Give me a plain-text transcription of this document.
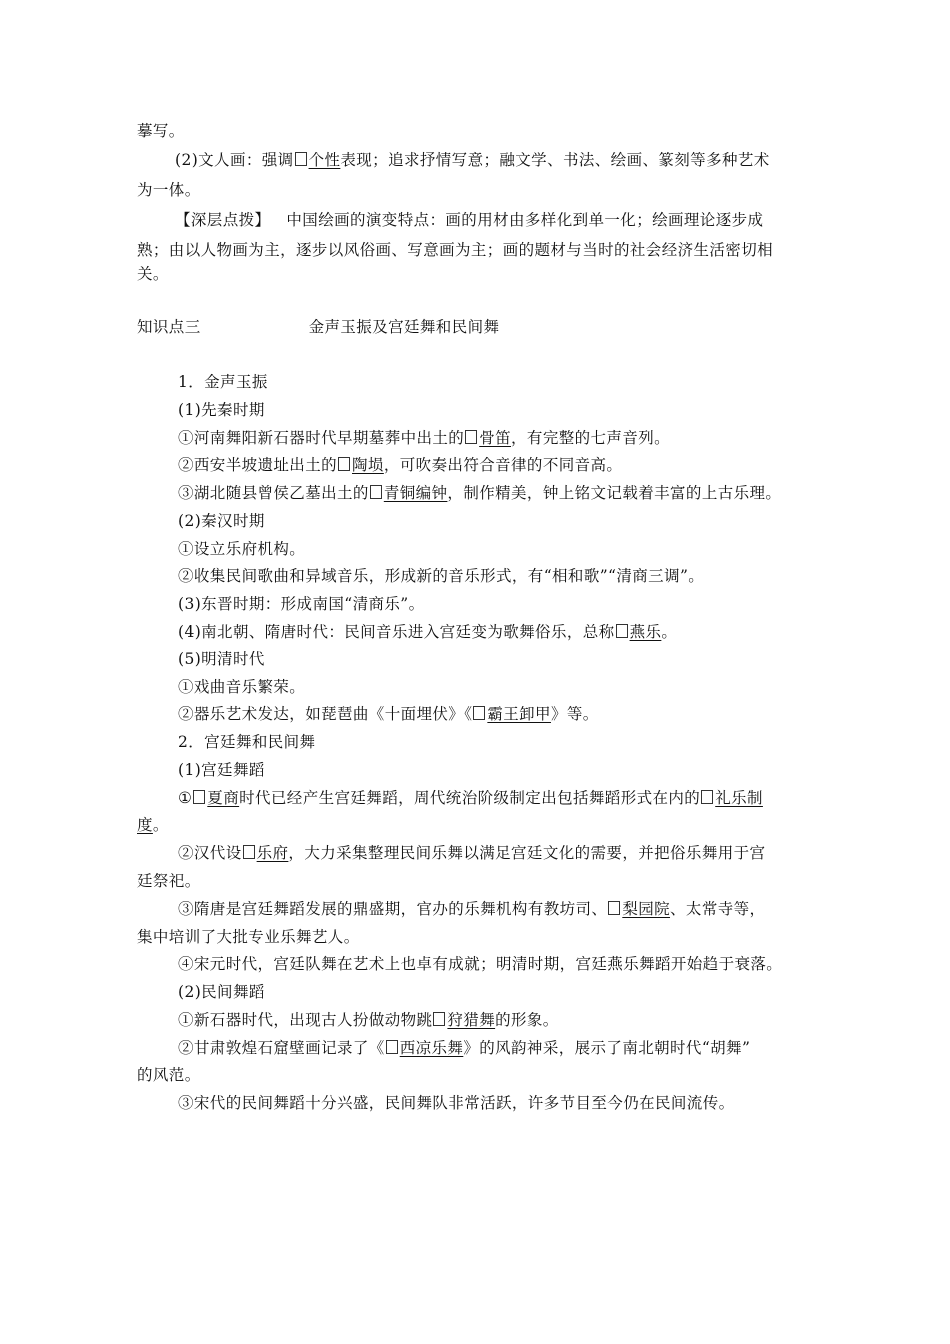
摹写。
(2)文人画：强调 个性表现；追求抒情写意；融文学、书法、绘画、篆刻等多种艺术
为一体。
【深层点拨】 中国绘画的演变特点：画的用材由多样化到单一化；绘画理论逐步成
熟；由以人物画为主，逐步以风俗画、写意画为主；画的题材与当时的社会经济生活密切相
关。
知识点三	金声玉振及宫廷舞和民间舞
1．金声玉振
(1)先秦时期
①河南舞阳新石器时代早期墓葬中出土的 骨笛，有完整的七声音列。
②西安半坡遗址出土的 陶埙，可吹奏出符合音律的不同音高。
③湖北随县曾侯乙墓出土的 青铜编钟，制作精美，钟上铭文记载着丰富的上古乐理。
(2)秦汉时期
①设立乐府机构。
②收集民间歌曲和异域音乐，形成新的音乐形式，有“相和歌”“清商三调”。
(3)东晋时期：形成南国“清商乐”。
(4)南北朝、隋唐时代：民间音乐进入宫廷变为歌舞俗乐，总称 燕乐。
(5)明清时代
①戏曲音乐繁荣。
②器乐艺术发达，如琵琶曲《十面埋伏》《 霸王卸甲》等。
2．宫廷舞和民间舞
(1)宫廷舞蹈
① 夏商时代已经产生宫廷舞蹈，周代统治阶级制定出包括舞蹈形式在内的 礼乐制
度。
②汉代设 乐府，大力采集整理民间乐舞以满足宫廷文化的需要，并把俗乐舞用于宫
廷祭祀。
③隋唐是宫廷舞蹈发展的鼎盛期，官办的乐舞机构有教坊司、 梨园院、太常寺等，
集中培训了大批专业乐舞艺人。
④宋元时代，宫廷队舞在艺术上也卓有成就；明清时期，宫廷燕乐舞蹈开始趋于衰落。
(2)民间舞蹈
①新石器时代，出现古人扮做动物跳 狩猎舞的形象。
②甘肃敦煌石窟壁画记录了《 西凉乐舞》的风韵神采，展示了南北朝时代“胡舞”
的风范。
③宋代的民间舞蹈十分兴盛，民间舞队非常活跃，许多节目至今仍在民间流传。
